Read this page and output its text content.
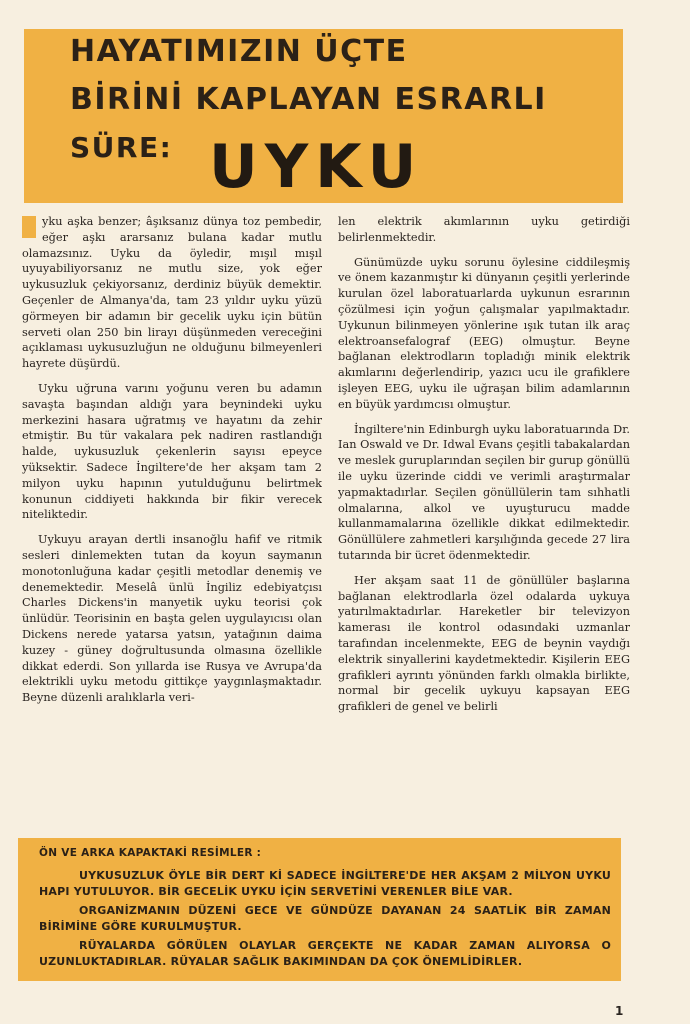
HAYATIMIZIN ÜÇTE
BİRİNİ KAPLAYAN ESRARLI
SÜRE: UYKU

yku aşka benzer; âşıksanız dünya toz pembedir, eğer aşkı ararsanız bulana kadar mutlu olamazsınız. Uyku da öyledir, mışıl mışıl uyuyabiliyorsanız ne mutlu size, yok eğer uykusuzluk çekiyorsanız, derdiniz büyük demektir. Geçenler de Almanya'da, tam 23 yıldır uyku yüzü görmeyen bir adamın bir gecelik uyku için bütün serveti olan 250 bin lirayı düşünmeden vereceğini açıklaması uykusuzluğun ne olduğunu bilmeyenleri hayrete düşürdü.

Uyku uğruna varını yoğunu veren bu adamın savaşta başından aldığı yara beynindeki uyku merkezini hasara uğratmış ve hayatını da zehir etmiştir. Bu tür vakalara pek nadiren rastlandığı halde, uykusuzluk çekenlerin sayısı epeyce yüksektir. Sadece İngiltere'de her akşam tam 2 milyon uyku hapının yutulduğunu belirtmek konunun ciddiyeti hakkında bir fikir verecek niteliktedir.

Uykuyu arayan dertli insanoğlu hafif ve ritmik sesleri dinlemekten tutan da koyun saymanın monotonluğuna kadar çeşitli metodlar denemiş ve denemektedir. Meselâ ünlü İngiliz edebiyatçısı Charles Dickens'in manyetik uyku teorisi çok ünlüdür. Teorisinin en başta gelen uygulayıcısı olan Dickens nerede yatarsa yatsın, yatağının daima kuzey - güney doğrultusunda olmasına özellikle dikkat ederdi. Son yıllarda ise Rusya ve Avrupa'da elektrikli uyku metodu gittikçe yaygınlaşmaktadır. Beyne düzenli aralıklarla veri-

len elektrik akımlarının uyku getirdiği belirlenmektedir.

Günümüzde uyku sorunu öylesine ciddileşmiş ve önem kazanmıştır ki dünyanın çeşitli yerlerinde kurulan özel laboratuarlarda uykunun esrarının çözülmesi için yoğun çalışmalar yapılmaktadır. Uykunun bilinmeyen yönlerine ışık tutan ilk araç elektroansefalograf (EEG) olmuştur. Beyne bağlanan elektrodların topladığı minik elektrik akımlarını değerlendirip, yazıcı ucu ile grafiklere işleyen EEG, uyku ile uğraşan bilim adamlarının en büyük yardımcısı olmuştur.

İngiltere'nin Edinburgh uyku laboratuarında Dr. Ian Oswald ve Dr. Idwal Evans çeşitli tabakalardan ve meslek guruplarından seçilen bir gurup gönüllü ile uyku üzerinde ciddi ve verimli araştırmalar yapmaktadırlar. Seçilen gönüllülerin tam sıhhatli olmalarına, alkol ve uyuşturucu madde kullanmamalarına özellikle dikkat edilmektedir. Gönüllülere zahmetleri karşılığında gecede 27 lira tutarında bir ücret ödenmektedir.

Her akşam saat 11 de gönüllüler başlarına bağlanan elektrodlarla özel odalarda uykuya yatırılmaktadırlar. Hareketler bir televizyon kamerası ile kontrol odasındaki uzmanlar tarafından incelenmekte, EEG de beynin vaydığı elektrik sinyallerini kaydetmektedir. Kişilerin EEG grafikleri ayrıntı yönünden farklı olmakla birlikte, normal bir gecelik uykuyu kapsayan EEG grafikleri de genel ve belirli

ÖN VE ARKA KAPAKTAKİ RESİMLER :

UYKUSUZLUK ÖYLE BİR DERT Kİ SADECE İNGİLTERE'DE HER AKŞAM 2 MİLYON UYKU HAPI YUTULUYOR. BİR GECELİK UYKU İÇİN SERVETİNİ VERENLER BİLE VAR.

ORGANİZMANIN DÜZENİ GECE VE GÜNDÜZE DAYANAN 24 SAATLİK BİR ZAMAN BİRİMİNE GÖRE KURULMUŞTUR.

RÜYALARDA GÖRÜLEN OLAYLAR GERÇEKTE NE KADAR ZAMAN ALIYORSA O UZUNLUKTADIRLAR. RÜYALAR SAĞLIK BAKIMINDAN DA ÇOK ÖNEMLİDİRLER.

1
